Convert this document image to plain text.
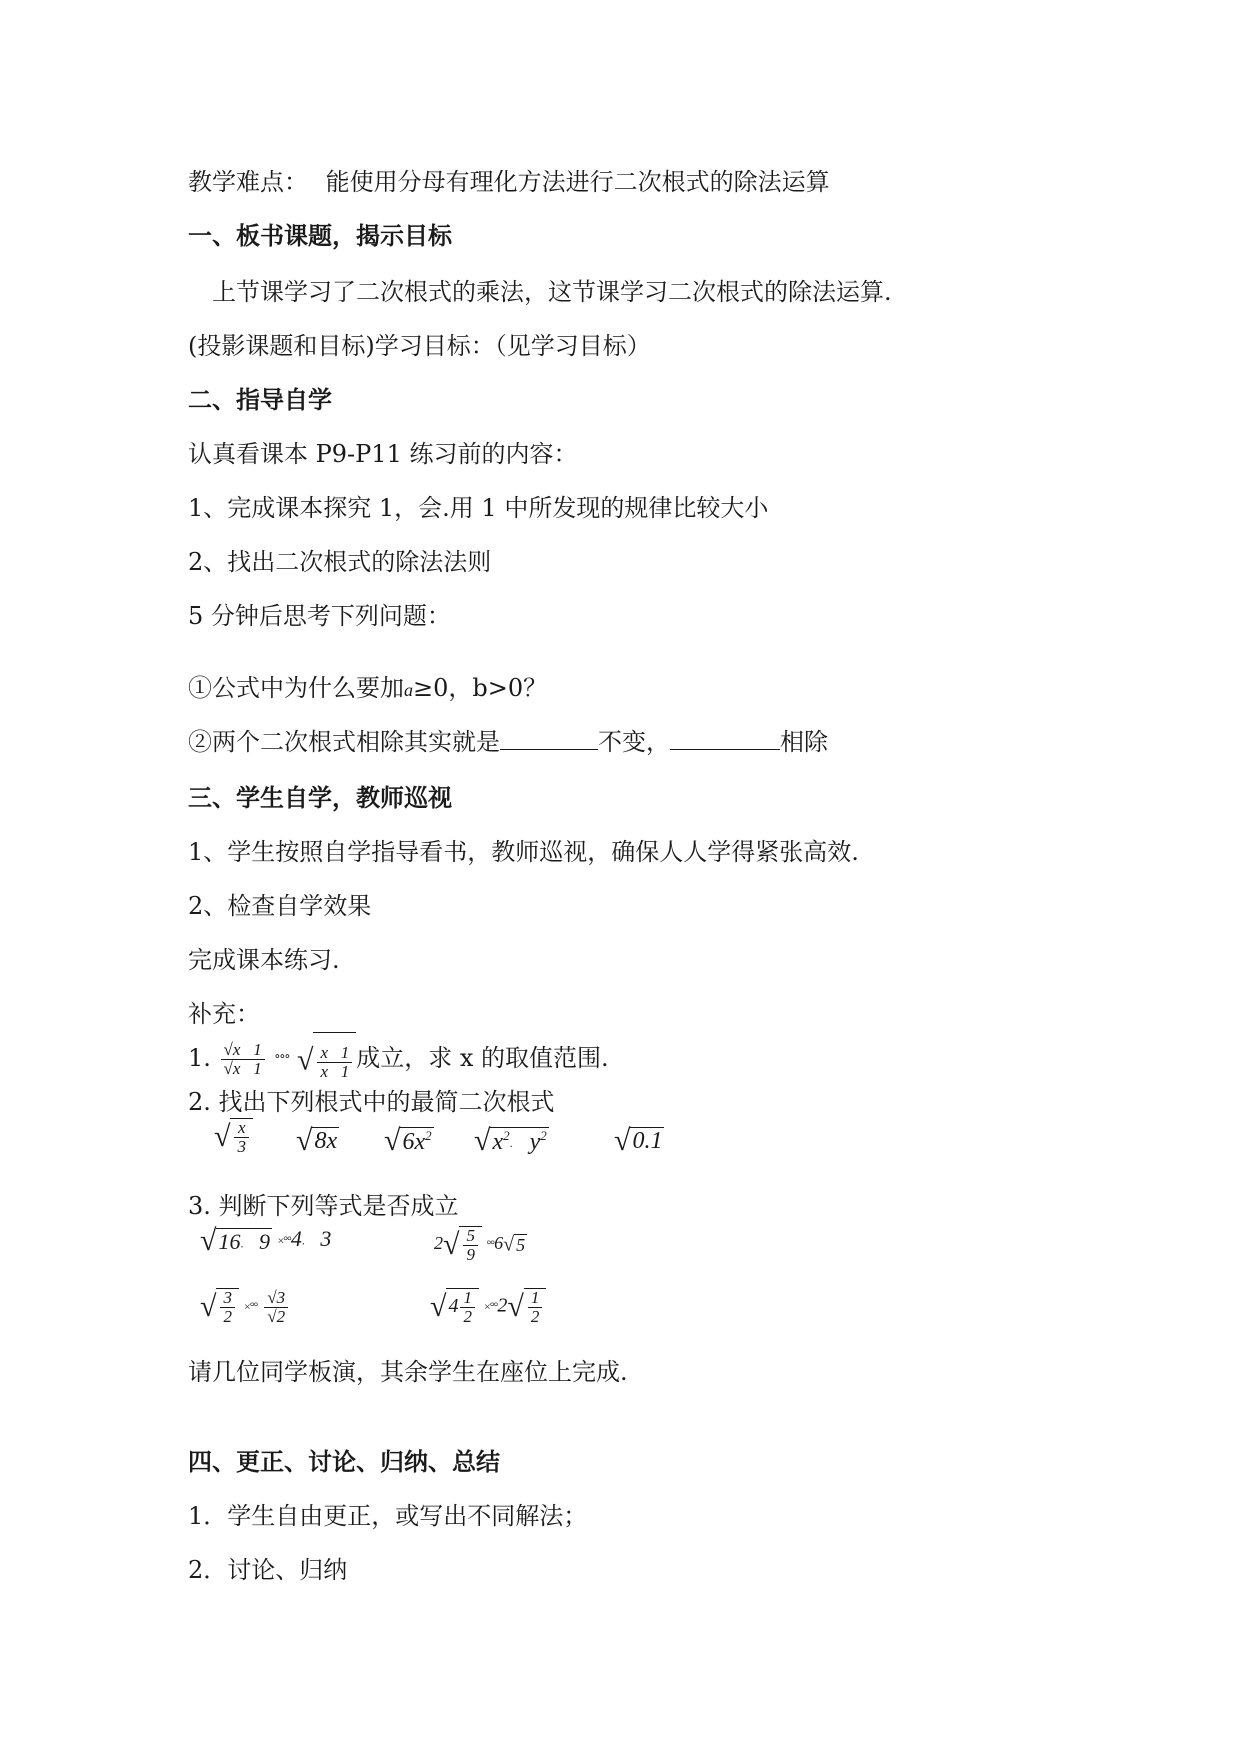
教学难点： 能使用分母有理化方法进行二次根式的除法运算
一、板书课题，揭示目标
上节课学习了二次根式的乘法，这节课学习二次根式的除法运算.
(投影课题和目标)学习目标：（见学习目标）
二、指导自学
认真看课本 P9-P11 练习前的内容：
1、完成课本探究 1，会.用 1 中所发现的规律比较大小
2、找出二次根式的除法法则
5 分钟后思考下列问题：
①公式中为什么要加a≥0，b>0？
②两个二次根式相除其实就是	不变，	相除
三、学生自学，教师巡视
1、学生按照自学指导看书，教师巡视，确保人人学得紧张高效.
2、检查自学效果
完成课本练习.
补充：
1. $\frac{√x 1}{√x 1}$ °°° √ $\frac{x 1}{x 1}$ 成立，求 x 的取值范围.
2. 找出下列根式中的最简二次根式
√ $\frac{x}{3} √8x$ $√6x^2$ $√x^2$. $y^2$ √0.1
3. 判断下列等式是否成立
√16.   9 ×°°4.   3	$2√ \frac{5}{9} ^\circ^\circ 6√$ 5
√ $\frac{3}{2}$ ×°° $\frac{√3}{√2}$	√ $4 \frac{1}{2} \times^\circ^\circ 2√ \frac{1}{2}$
请几位同学板演，其余学生在座位上完成.
四、更正、讨论、归纳、总结
1．学生自由更正，或写出不同解法；
2．讨论、归纳
